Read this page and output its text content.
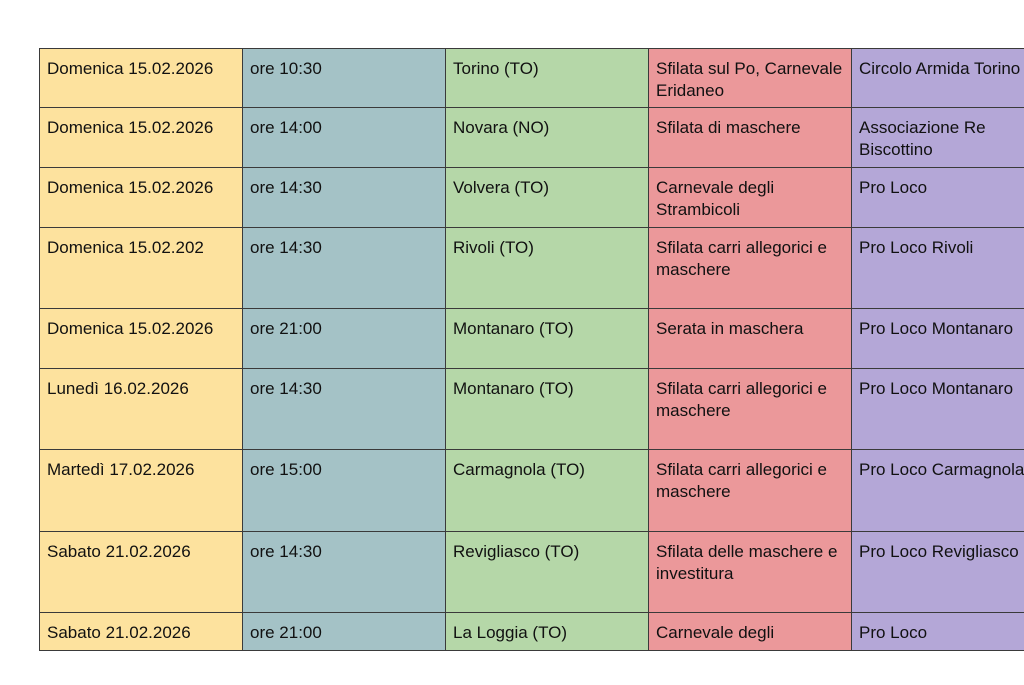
Domenica 15.02.2026	ore 10:30	Torino (TO)	Sfilata sul Po, Carnevale Eridaneo	Circolo Armida Torino

Domenica 15.02.2026	ore 14:00	Novara (NO)	Sfilata di maschere	Associazione Re Biscottino

Domenica 15.02.2026	ore 14:30	Volvera (TO)	Carnevale degli Strambicoli	Pro Loco

Domenica 15.02.202	ore 14:30	Rivoli (TO)	Sfilata carri allegorici e maschere	Pro Loco Rivoli

Domenica 15.02.2026	ore 21:00	Montanaro (TO)	Serata in maschera	Pro Loco Montanaro

Lunedì 16.02.2026	ore 14:30	Montanaro (TO)	Sfilata carri allegorici e maschere	Pro Loco Montanaro

Martedì 17.02.2026	ore 15:00	Carmagnola (TO)	Sfilata carri allegorici e maschere	Pro Loco Carmagnola

Sabato 21.02.2026	ore 14:30	Revigliasco (TO)	Sfilata delle maschere e investitura	Pro Loco Revigliasco

Sabato 21.02.2026	ore 21:00	La Loggia (TO)	Carnevale degli	Pro Loco
